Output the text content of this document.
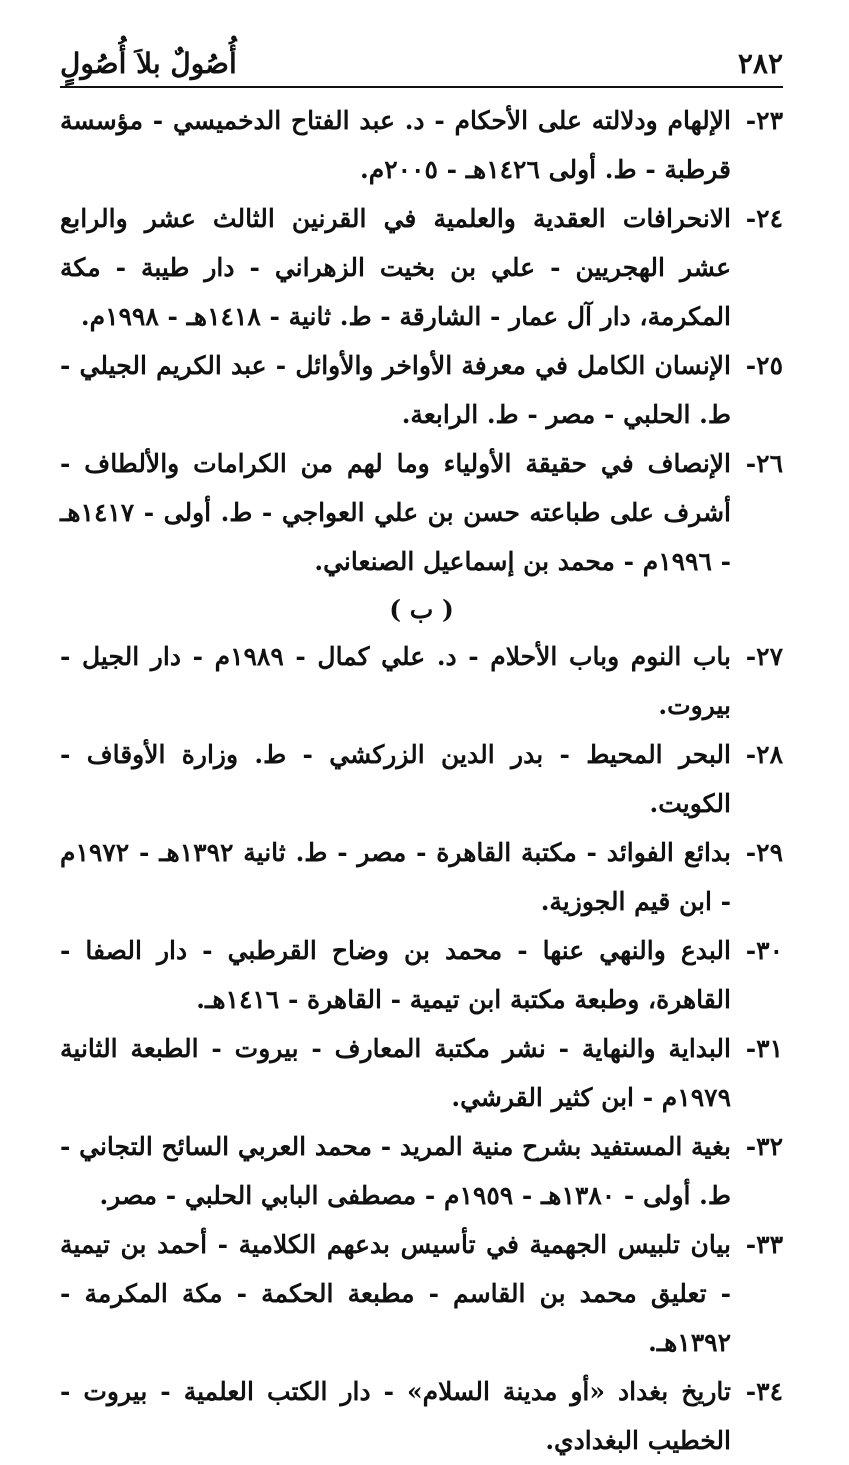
٢٨٢
أُصُولٌ بلاَ أُصُولٍ
٢٣-
الإلهام ودلالته على الأحكام - د. عبد الفتاح الدخميسي - مؤسسة قرطبة - ط. أولى ١٤٢٦هـ - ٢٠٠٥م.
٢٤-
الانحرافات العقدية والعلمية في القرنين الثالث عشر والرابع عشر الهجريين - علي بن بخيت الزهراني - دار طيبة - مكة المكرمة، دار آل عمار - الشارقة - ط. ثانية - ١٤١٨هـ - ١٩٩٨م.
٢٥-
الإنسان الكامل في معرفة الأواخر والأوائل - عبد الكريم الجيلي - ط. الحلبي - مصر - ط. الرابعة.
٢٦-
الإنصاف في حقيقة الأولياء وما لهم من الكرامات والألطاف - أشرف على طباعته حسن بن علي العواجي - ط. أولى - ١٤١٧هـ - ١٩٩٦م - محمد بن إسماعيل الصنعاني.
( ب )
٢٧-
باب النوم وباب الأحلام - د. علي كمال - ١٩٨٩م - دار الجيل - بيروت.
٢٨-
البحر المحيط - بدر الدين الزركشي - ط. وزارة الأوقاف - الكويت.
٢٩-
بدائع الفوائد - مكتبة القاهرة - مصر - ط. ثانية ١٣٩٢هـ - ١٩٧٢م - ابن قيم الجوزية.
٣٠-
البدع والنهي عنها - محمد بن وضاح القرطبي - دار الصفا - القاهرة، وطبعة مكتبة ابن تيمية - القاهرة - ١٤١٦هـ.
٣١-
البداية والنهاية - نشر مكتبة المعارف - بيروت - الطبعة الثانية ١٩٧٩م - ابن كثير القرشي.
٣٢-
بغية المستفيد بشرح منية المريد - محمد العربي السائح التجاني - ط. أولى - ١٣٨٠هـ - ١٩٥٩م - مصطفى البابي الحلبي - مصر.
٣٣-
بيان تلبيس الجهمية في تأسيس بدعهم الكلامية - أحمد بن تيمية - تعليق محمد بن القاسم - مطبعة الحكمة - مكة المكرمة - ١٣٩٢هـ.
٣٤-
تاريخ بغداد «أو مدينة السلام» - دار الكتب العلمية - بيروت - الخطيب البغدادي.
